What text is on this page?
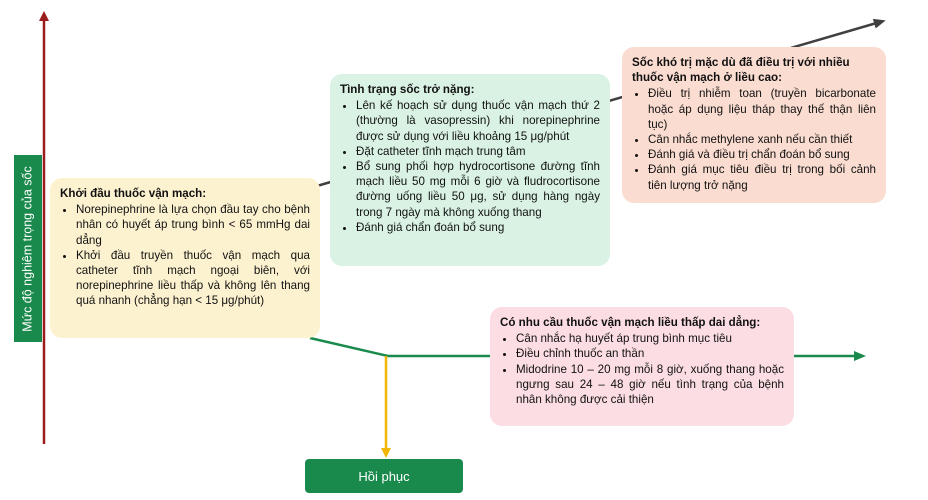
Mức độ nghiêm trọng của sốc Khởi đầu thuốc vận mạch:
• Norepinephrine là lựa chọn đầu tay cho bệnh nhân có huyết áp trung bình < 65 mmHg dai dẳng
• Khởi đầu truyền thuốc vận mạch qua catheter tĩnh mạch ngoại biên, với norepinephrine liều thấp và không lên thang quá nhanh (chẳng hạn < 15 μg/phút)
Tình trạng sốc trở nặng:
• Lên kế hoạch sử dụng thuốc vận mạch thứ 2 (thường là vasopressin) khi norepinephrine được sử dụng với liều khoảng 15 μg/phút
• Đặt catheter tĩnh mạch trung tâm
• Bổ sung phối hợp hydrocortisone đường tĩnh mạch liều 50 mg mỗi 6 giờ và fludrocortisone đường uống liều 50 μg, sử dụng hàng ngày trong 7 ngày mà không xuống thang
• Đánh giá chẩn đoán bổ sung
Sốc khó trị mặc dù đã điều trị với nhiều thuốc vận mạch ở liều cao:
• Điều trị nhiễm toan (truyền bicarbonate hoặc áp dụng liệu tháp thay thế thận liên tục)
• Cân nhắc methylene xanh nếu cần thiết
• Đánh giá và điều trị chẩn đoán bổ sung
• Đánh giá mục tiêu điều trị trong bối cảnh tiên lượng trở nặng
Có nhu cầu thuốc vận mạch liều thấp dai dẳng:
• Cân nhắc hạ huyết áp trung bình mục tiêu
• Điều chỉnh thuốc an thần
• Midodrine 10 – 20 mg mỗi 8 giờ, xuống thang hoặc ngưng sau 24 – 48 giờ nếu tình trạng của bệnh nhân không được cải thiện
Hồi phục
